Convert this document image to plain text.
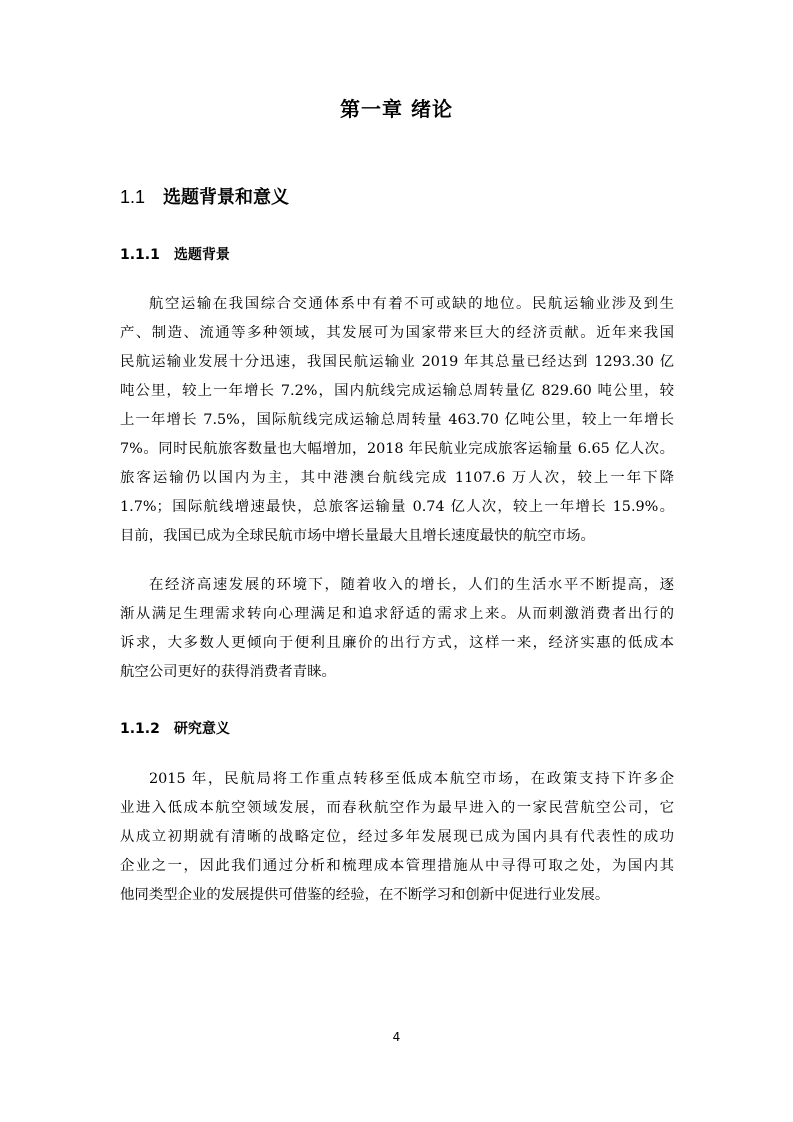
第一章 绪论
1.1 选题背景和意义
1.1.1 选题背景
航空运输在我国综合交通体系中有着不可或缺的地位。民航运输业涉及到生
产、制造、流通等多种领域，其发展可为国家带来巨大的经济贡献。近年来我国
民航运输业发展十分迅速，我国民航运输业 2019 年其总量已经达到 1293.30 亿
吨公里，较上一年增长 7.2%，国内航线完成运输总周转量亿 829.60 吨公里，较
上一年增长 7.5%，国际航线完成运输总周转量 463.70 亿吨公里，较上一年增长
7%。同时民航旅客数量也大幅增加，2018 年民航业完成旅客运输量 6.65 亿人次。
旅客运输仍以国内为主，其中港澳台航线完成 1107.6 万人次，较上一年下降
1.7%；国际航线增速最快，总旅客运输量 0.74 亿人次，较上一年增长 15.9%。
目前，我国已成为全球民航市场中增长量最大且增长速度最快的航空市场。
在经济高速发展的环境下，随着收入的增长，人们的生活水平不断提高，逐
渐从满足生理需求转向心理满足和追求舒适的需求上来。从而刺激消费者出行的
诉求，大多数人更倾向于便利且廉价的出行方式，这样一来，经济实惠的低成本
航空公司更好的获得消费者青睐。
1.1.2 研究意义
2015 年，民航局将工作重点转移至低成本航空市场，在政策支持下许多企
业进入低成本航空领域发展，而春秋航空作为最早进入的一家民营航空公司，它
从成立初期就有清晰的战略定位，经过多年发展现已成为国内具有代表性的成功
企业之一，因此我们通过分析和梳理成本管理措施从中寻得可取之处，为国内其
他同类型企业的发展提供可借鉴的经验，在不断学习和创新中促进行业发展。
4
